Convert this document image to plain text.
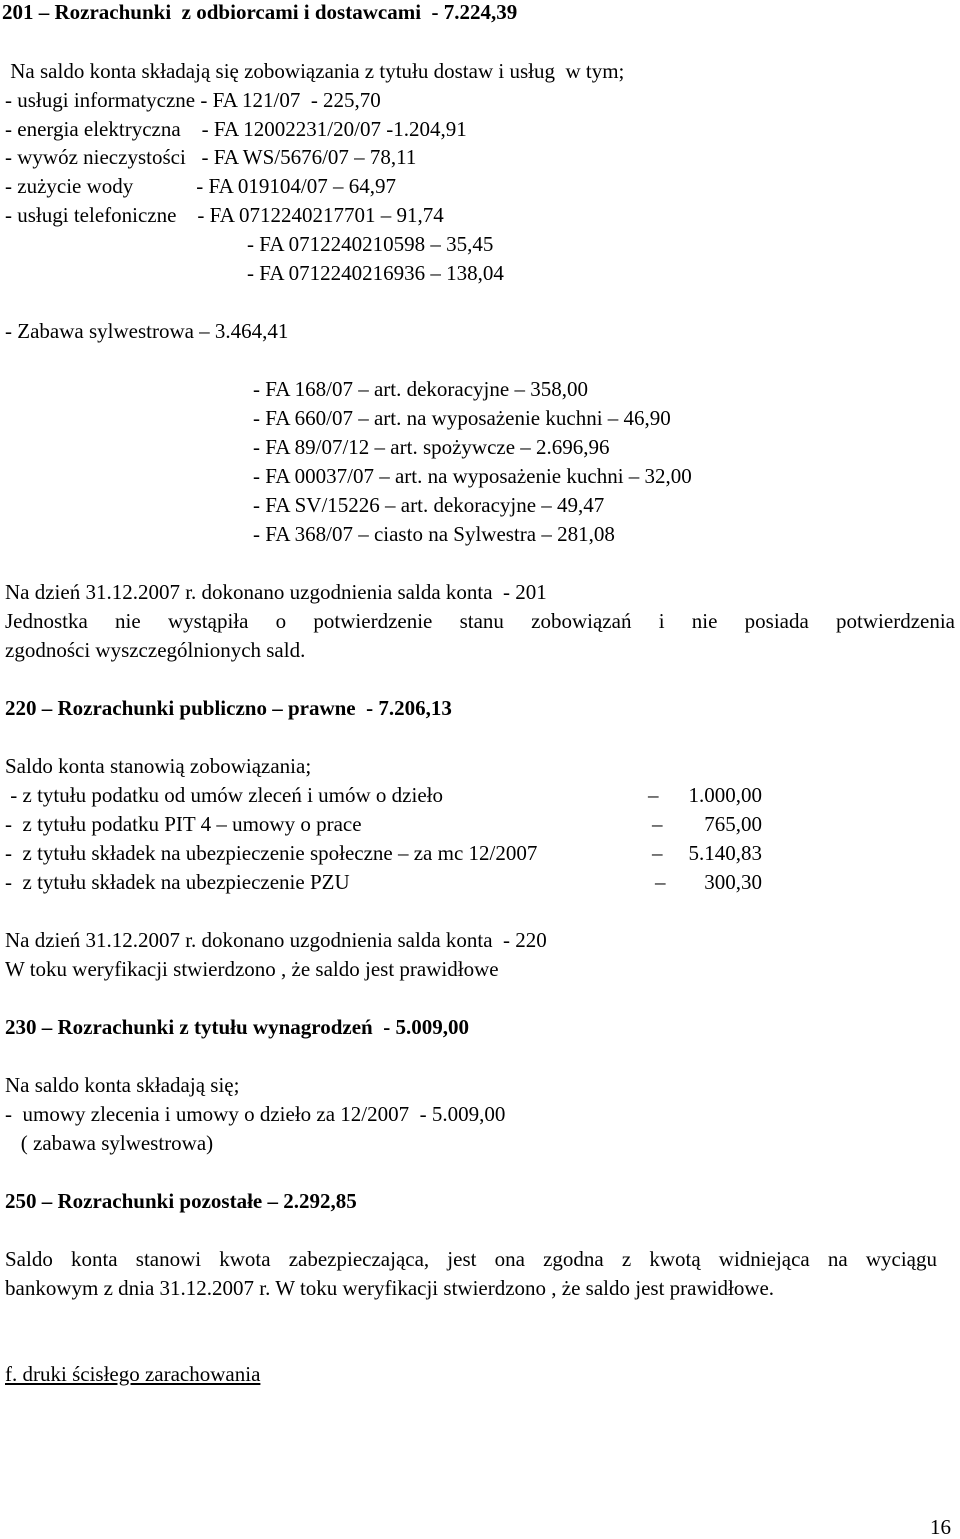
201 – Rozrachunki  z odbiorcami i dostawcami  - 7.224,39
Na saldo konta składają się zobowiązania z tytułu dostaw i usług  w tym;
- usługi informatyczne - FA 121/07  - 225,70
- energia elektryczna    - FA 12002231/20/07 -1.204,91
- wywóz nieczystości   - FA WS/5676/07 – 78,11
- zużycie wody            - FA 019104/07 – 64,97
- usługi telefoniczne    - FA 0712240217701 – 91,74
- FA 0712240210598 – 35,45
- FA 0712240216936 – 138,04
- Zabawa sylwestrowa – 3.464,41
- FA 168/07 – art. dekoracyjne – 358,00
- FA 660/07 – art. na wyposażenie kuchni – 46,90
- FA 89/07/12 – art. spożywcze – 2.696,96
- FA 00037/07 – art. na wyposażenie kuchni – 32,00
- FA SV/15226 – art. dekoracyjne – 49,47
- FA 368/07 – ciasto na Sylwestra – 281,08
Na dzień 31.12.2007 r. dokonano uzgodnienia salda konta  - 201
Jednostka nie wystąpiła o potwierdzenie stanu zobowiązań i nie posiada potwierdzenia
zgodności wyszczególnionych sald.
220 – Rozrachunki publiczno – prawne  - 7.206,13
Saldo konta stanowią zobowiązania;
- z tytułu podatku od umów zleceń i umów o dzieło	–	1.000,00
-  z tytułu podatku PIT 4 – umowy o prace	–	765,00
-  z tytułu składek na ubezpieczenie społeczne – za mc 12/2007	–	5.140,83
-  z tytułu składek na ubezpieczenie PZU	–	300,30
Na dzień 31.12.2007 r. dokonano uzgodnienia salda konta  - 220
W toku weryfikacji stwierdzono , że saldo jest prawidłowe
230 – Rozrachunki z tytułu wynagrodzeń  - 5.009,00
Na saldo konta składają się;
-  umowy zlecenia i umowy o dzieło za 12/2007  - 5.009,00
( zabawa sylwestrowa)
250 – Rozrachunki pozostałe – 2.292,85
Saldo konta stanowi kwota zabezpieczająca, jest ona zgodna z kwotą widniejąca na wyciągu
bankowym z dnia 31.12.2007 r. W toku weryfikacji stwierdzono , że saldo jest prawidłowe.
f. druki ścisłego zarachowania
16
